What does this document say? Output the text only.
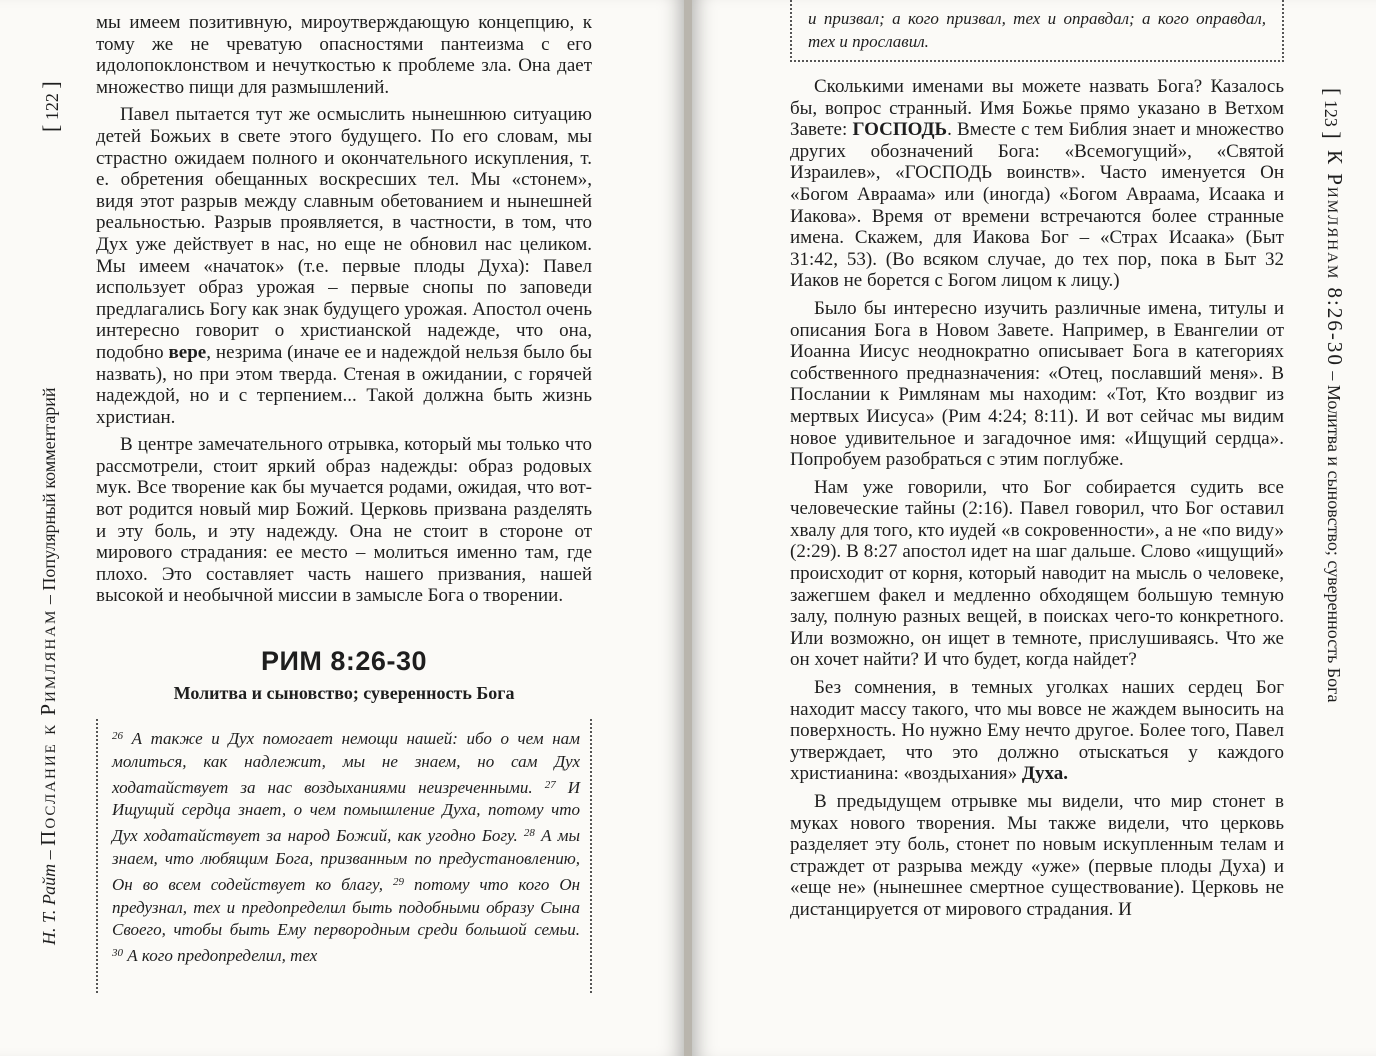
[ 122 ]
Н. Т. Райт – Послание к Римлянам – Популярный комментарий

мы имеем позитивную, мироутверждающую концепцию, к тому же не чреватую опасностями пантеизма с его идолопоклонством и нечуткостью к проблеме зла. Она дает множество пищи для размышлений.

Павел пытается тут же осмыслить нынешнюю ситуацию детей Божьих в свете этого будущего. По его словам, мы страстно ожидаем полного и окончательного искупления, т. е. обретения обещанных воскресших тел. Мы «стонем», видя этот разрыв между славным обетованием и нынешней реальностью. Разрыв проявляется, в частности, в том, что Дух уже действует в нас, но еще не обновил нас целиком. Мы имеем «начаток» (т.е. первые плоды Духа): Павел использует образ урожая – первые снопы по заповеди предлагались Богу как знак будущего урожая. Апостол очень интересно говорит о христианской надежде, что она, подобно вере, незрима (иначе ее и надеждой нельзя было бы назвать), но при этом тверда. Стеная в ожидании, с горячей надеждой, но и с терпением... Такой должна быть жизнь христиан.

В центре замечательного отрывка, который мы только что рассмотрели, стоит яркий образ надежды: образ родовых мук. Все творение как бы мучается родами, ожидая, что вот-вот родится новый мир Божий. Церковь призвана разделять и эту боль, и эту надежду. Она не стоит в стороне от мирового страдания: ее место – молиться именно там, где плохо. Это составляет часть нашего призвания, нашей высокой и необычной миссии в замысле Бога о творении.

РИМ 8:26-30
Молитва и сыновство; суверенность Бога
$^{26}$ А также и Дух помогает немощи нашей: ибо о чем нам молиться, как надлежит, мы не знаем, но сам Дух ходатайствует за нас воздыханиями неизреченными. $^{27}$ И Ищущий сердца знает, о чем помышление Духа, потому что Дух ходатайствует за народ Божий, как угодно Богу. $^{28}$ А мы знаем, что любящим Бога, призванным по предустановлению, Он во всем содействует ко благу, $^{29}$ потому что кого Он предузнал, тех и предопределил быть подобными образу Сына Своего, чтобы быть Ему первородным среди большой семьи. $^{30}$ А кого предопределил, тех
и призвал; а кого призвал, тех и оправдал; а кого оправдал, тех и прославил.
[ 123 ]
К Римлянам 8:26-30 – Молитва и сыновство; суверенность Бога

Сколькими именами вы можете назвать Бога? Казалось бы, вопрос странный. Имя Божье прямо указано в Ветхом Завете: ГОСПОДЬ. Вместе с тем Библия знает и множество других обозначений Бога: «Всемогущий», «Святой Израилев», «ГОСПОДЬ воинств». Часто именуется Он «Богом Авраама» или (иногда) «Богом Авраама, Исаака и Иакова». Время от времени встречаются более странные имена. Скажем, для Иакова Бог – «Страх Исаака» (Быт 31:42, 53). (Во всяком случае, до тех пор, пока в Быт 32 Иаков не борется с Богом лицом к лицу.)

Было бы интересно изучить различные имена, титулы и описания Бога в Новом Завете. Например, в Евангелии от Иоанна Иисус неоднократно описывает Бога в категориях собственного предназначения: «Отец, пославший меня». В Послании к Римлянам мы находим: «Тот, Кто воздвиг из мертвых Иисуса» (Рим 4:24; 8:11). И вот сейчас мы видим новое удивительное и загадочное имя: «Ищущий сердца». Попробуем разобраться с этим поглубже.

Нам уже говорили, что Бог собирается судить все человеческие тайны (2:16). Павел говорил, что Бог оставил хвалу для того, кто иудей «в сокровенности», а не «по виду» (2:29). В 8:27 апостол идет на шаг дальше. Слово «ищущий» происходит от корня, который наводит на мысль о человеке, зажегшем факел и медленно обходящем большую темную залу, полную разных вещей, в поисках чего-то конкретного. Или возможно, он ищет в темноте, прислушиваясь. Что же он хочет найти? И что будет, когда найдет?

Без сомнения, в темных уголках наших сердец Бог находит массу такого, что мы вовсе не жаждем выносить на поверхность. Но нужно Ему нечто другое. Более того, Павел утверждает, что это должно отыскаться у каждого христианина: «воздыхания» Духа.

В предыдущем отрывке мы видели, что мир стонет в муках нового творения. Мы также видели, что церковь разделяет эту боль, стонет по новым искупленным телам и страждет от разрыва между «уже» (первые плоды Духа) и «еще не» (нынешнее смертное существование). Церковь не дистанцируется от мирового страдания. И
